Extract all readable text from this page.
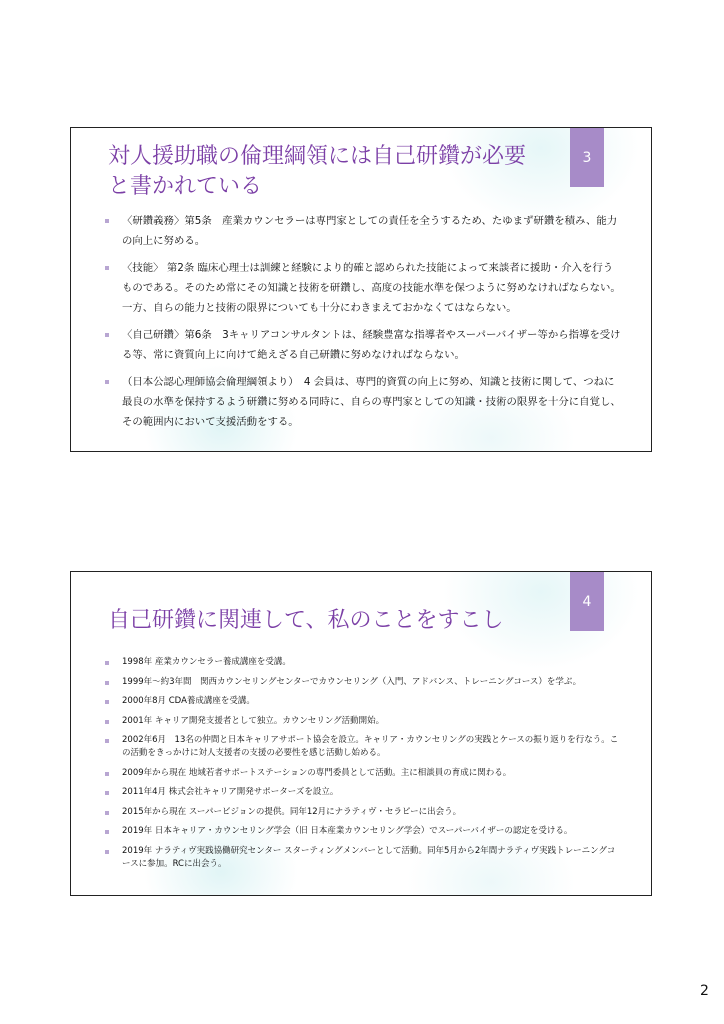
3
対人援助職の倫理綱領には自己研鑽が必要と書かれている
〈研鑽義務〉第5条　産業カウンセラーは専門家としての責任を全うするため、たゆまず研鑽を積み、能力の向上に努める。
〈技能〉 第2条 臨床心理士は訓練と経験により的確と認められた技能によって来談者に援助・介入を行うものである。そのため常にその知識と技術を研鑽し、高度の技能水準を保つように努めなければならない。一方、自らの能力と技術の限界についても十分にわきまえておかなくてはならない。
〈自己研鑽〉第6条　3キャリアコンサルタントは、経験豊富な指導者やスーパーバイザー等から指導を受ける等、常に資質向上に向けて絶えざる自己研鑽に努めなければならない。
（日本公認心理師協会倫理綱領より）　4 会員は、専門的資質の向上に努め、知識と技術に関して、つねに最良の水準を保持するよう研鑽に努める同時に、自らの専門家としての知識・技術の限界を十分に自覚し、その範囲内において支援活動をする。
4
自己研鑽に関連して、私のことをすこし
1998年 産業カウンセラー養成講座を受講。
1999年～約3年間　関西カウンセリングセンターでカウンセリング（入門、アドバンス、トレーニングコース）を学ぶ。
2000年8月 CDA養成講座を受講。
2001年 キャリア開発支援者として独立。カウンセリング活動開始。
2002年6月　13名の仲間と日本キャリアサポート協会を設立。キャリア・カウンセリングの実践とケースの振り返りを行なう。この活動をきっかけに対人支援者の支援の必要性を感じ活動し始める。
2009年から現在 地域若者サポートステーションの専門委員として活動。主に相談員の育成に関わる。
2011年4月 株式会社キャリア開発サポーターズを設立。
2015年から現在 スーパービジョンの提供。同年12月にナラティヴ・セラピーに出会う。
2019年 日本キャリア・カウンセリング学会（旧 日本産業カウンセリング学会）でスーパーバイザーの認定を受ける。
2019年 ナラティヴ実践協働研究センター スターティングメンバーとして活動。同年5月から2年間ナラティヴ実践トレーニングコースに参加。RCに出会う。
2
